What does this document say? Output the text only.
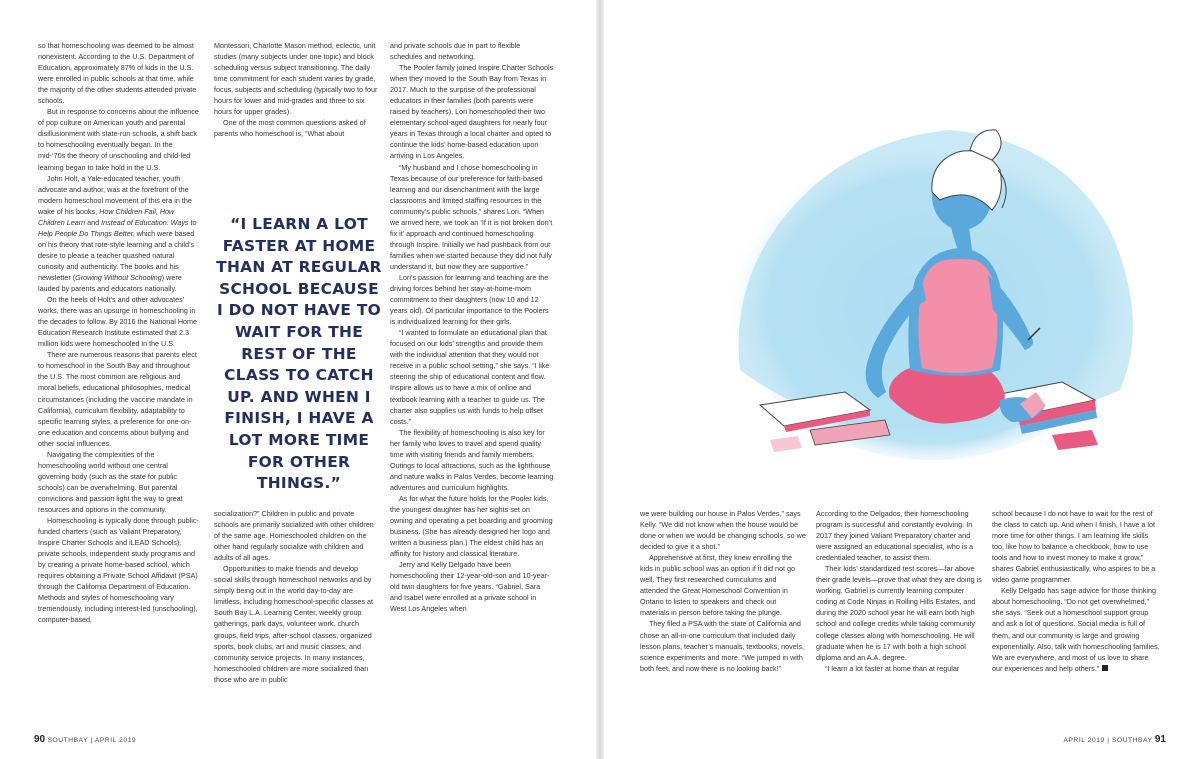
so that homeschooling was deemed to be almost nonexistent. According to the U.S. Department of Education, approximately 87% of kids in the U.S. were enrolled in public schools at that time, while the majority of the other students attended private schools.

But in response to concerns about the influence of pop culture on American youth and parental disillusionment with state-run schools, a shift back to homeschooling eventually began. In the mid-’70s the theory of unschooling and child-led learning began to take hold in the U.S.

John Holt, a Yale-educated teacher, youth advocate and author, was at the forefront of the modern homeschool movement of this era in the wake of his books, How Children Fail, How Children Learn and Instead of Education: Ways to Help People Do Things Better, which were based on his theory that rote-style learning and a child’s desire to please a teacher quashed natural curiosity and authenticity. The books and his newsletter (Growing Without Schooling) were lauded by parents and educators nationally.

On the heels of Holt’s and other advocates’ works, there was an upsurge in homeschooling in the decades to follow. By 2016 the National Home Education Research Institute estimated that 2.3 million kids were homeschooled in the U.S.

There are numerous reasons that parents elect to homeschool in the South Bay and throughout the U.S. The most common are religious and moral beliefs, educational philosophies, medical circumstances (including the vaccine mandate in California), curriculum flexibility, adaptability to specific learning styles, a preference for one-on-one education and concerns about bullying and other social influences.

Navigating the complexities of the homeschooling world without one central governing body (such as the state for public schools) can be overwhelming. But parental convictions and passion light the way to great resources and options in the community.

Homeschooling is typically done through public-funded charters (such as Valiant Preparatory, Inspire Charter Schools and iLEAD Schools), private schools, independent study programs and by creating a private home-based school, which requires obtaining a Private School Affidavit (PSA) through the California Department of Education. Methods and styles of homeschooling vary tremendously, including interest-led (unschooling), computer-based,

Montessori, Charlotte Mason method, eclectic, unit studies (many subjects under one topic) and block scheduling versus subject transitioning. The daily time commitment for each student varies by grade, focus, subjects and scheduling (typically two to four hours for lower and mid-grades and three to six hours for upper grades).

One of the most common questions asked of parents who homeschool is, “What about

“I LEARN A LOT FASTER AT HOME THAN AT REGULAR SCHOOL BECAUSE I DO NOT HAVE TO WAIT FOR THE REST OF THE CLASS TO CATCH UP. AND WHEN I FINISH, I HAVE A LOT MORE TIME FOR OTHER THINGS.”

socialization?” Children in public and private schools are primarily socialized with other children of the same age. Homeschooled children on the other hand regularly socialize with children and adults of all ages.

Opportunities to make friends and develop social skills through homeschool networks and by simply being out in the world day-to-day are limitless, including homeschool-specific classes at South Bay L.A. Learning Center, weekly group gatherings, park days, volunteer work, church groups, field trips, after-school classes, organized sports, book clubs, art and music classes, and community service projects. In many instances, homeschooled children are more socialized than those who are in public

and private schools due in part to flexible schedules and networking.

The Pooler family joined Inspire Charter Schools when they moved to the South Bay from Texas in 2017. Much to the surprise of the professional educators in their families (both parents were raised by teachers), Lori homeschooled their two elementary school-aged daughters for nearly four years in Texas through a local charter and opted to continue the kids’ home-based education upon arriving in Los Angeles.

“My husband and I chose homeschooling in Texas because of our preference for faith-based learning and our disenchantment with the large classrooms and limited staffing resources in the community’s public schools,” shares Lori. “When we arrived here, we took an ‘If it is not broken don’t fix it’ approach and continued homeschooling through Inspire. Initially we had pushback from our families when we started because they did not fully understand it, but now they are supportive.”

Lori’s passion for learning and teaching are the driving forces behind her stay-at-home-mom commitment to their daughters (now 10 and 12 years old). Of particular importance to the Poolers is individualized learning for their girls.

“I wanted to formulate an educational plan that focused on our kids’ strengths and provide them with the individual attention that they would not receive in a public school setting,” she says. “I like steering the ship of educational content and flow. Inspire allows us to have a mix of online and textbook learning with a teacher to guide us. The charter also supplies us with funds to help offset costs.”

The flexibility of homeschooling is also key for her family who loves to travel and spend quality time with visiting friends and family members. Outings to local attractions, such as the lighthouse and nature walks in Palos Verdes, become learning adventures and curriculum highlights.

As for what the future holds for the Pooler kids, the youngest daughter has her sights set on owning and operating a pet boarding and grooming business. (She has already designed her logo and written a business plan.) The eldest child has an affinity for history and classical literature.

Jerry and Kelly Delgado have been homeschooling their 12-year-old-son and 10-year-old twin daughters for five years. “Gabriel, Sara and Isabel were enrolled at a private school in West Los Angeles when

we were building our house in Palos Verdes,” says Kelly. “We did not know when the house would be done or when we would be changing schools, so we decided to give it a shot.”

Apprehensive at first, they knew enrolling the kids in public school was an option if it did not go well. They first researched curriculums and attended the Great Homeschool Convention in Ontario to listen to speakers and check out materials in person before taking the plunge.

They filed a PSA with the state of California and chose an all-in-one curriculum that included daily lesson plans, teacher’s manuals, textbooks, novels, science experiments and more. “We jumped in with both feet, and now there is no looking back!”

According to the Delgados, their homeschooling program is successful and constantly evolving. In 2017 they joined Valiant Preparatory charter and were assigned an educational specialist, who is a credentialed teacher, to assist them.

Their kids’ standardized test scores—far above their grade levels—prove that what they are doing is working. Gabriel is currently learning computer coding at Code Ninjas in Rolling Hills Estates, and during the 2020 school year he will earn both high school and college credits while taking community college classes along with homeschooling. He will graduate when he is 17 with both a high school diploma and an A.A. degree.

“I learn a lot faster at home than at regular

school because I do not have to wait for the rest of the class to catch up. And when I finish, I have a lot more time for other things. I am learning life skills too, like how to balance a checkbook, how to use tools and how to invest money to make it grow,” shares Gabriel enthusiastically, who aspires to be a video game programmer.

Kelly Delgado has sage advice for those thinking about homeschooling. “Do not get overwhelmed,” she says. “Seek out a homeschool support group and ask a lot of questions. Social media is full of them, and our community is large and growing exponentially. Also, talk with homeschooling families. We are everywhere, and most of us love to share our experiences and help others.”

90 SOUTHBAY | APRIL 2019	APRIL 2019 | SOUTHBAY 91
